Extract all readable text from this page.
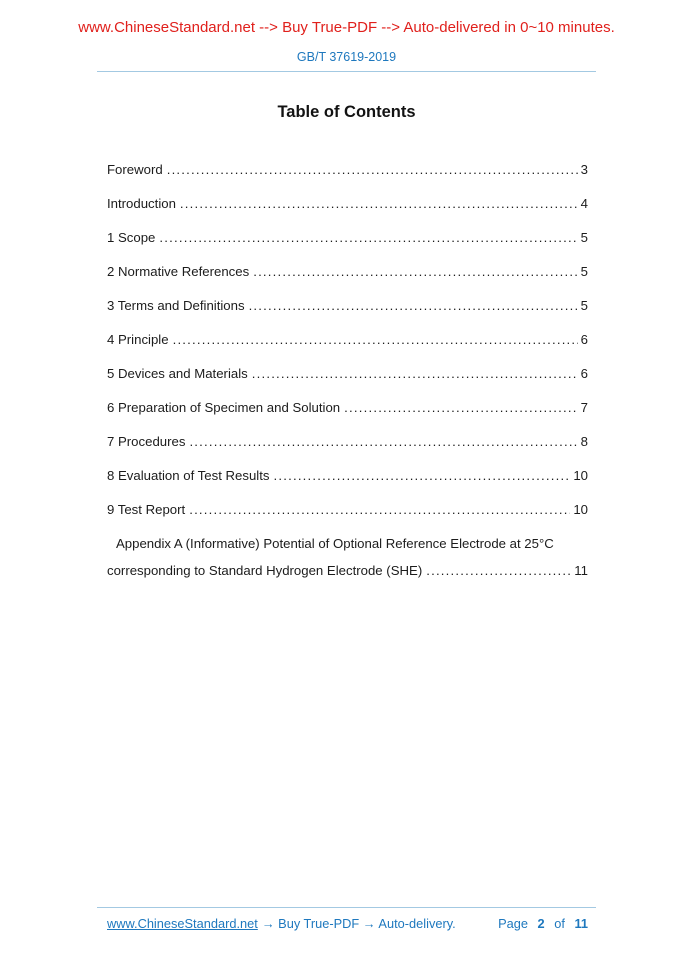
www.ChineseStandard.net --> Buy True-PDF --> Auto-delivered in 0~10 minutes.
GB/T 37619-2019
Table of Contents
Foreword .....	3
Introduction .....	4
1 Scope .....	5
2 Normative References .....	5
3 Terms and Definitions .....	5
4 Principle .....	6
5 Devices and Materials .....	6
6 Preparation of Specimen and Solution .....	7
7 Procedures .....	8
8 Evaluation of Test Results .....	10
9 Test Report .....	10
Appendix A (Informative) Potential of Optional Reference Electrode at 25°C
corresponding to Standard Hydrogen Electrode (SHE) .....	11
www.ChineseStandard.net → Buy True-PDF → Auto-delivery.	Page 2 of 11
